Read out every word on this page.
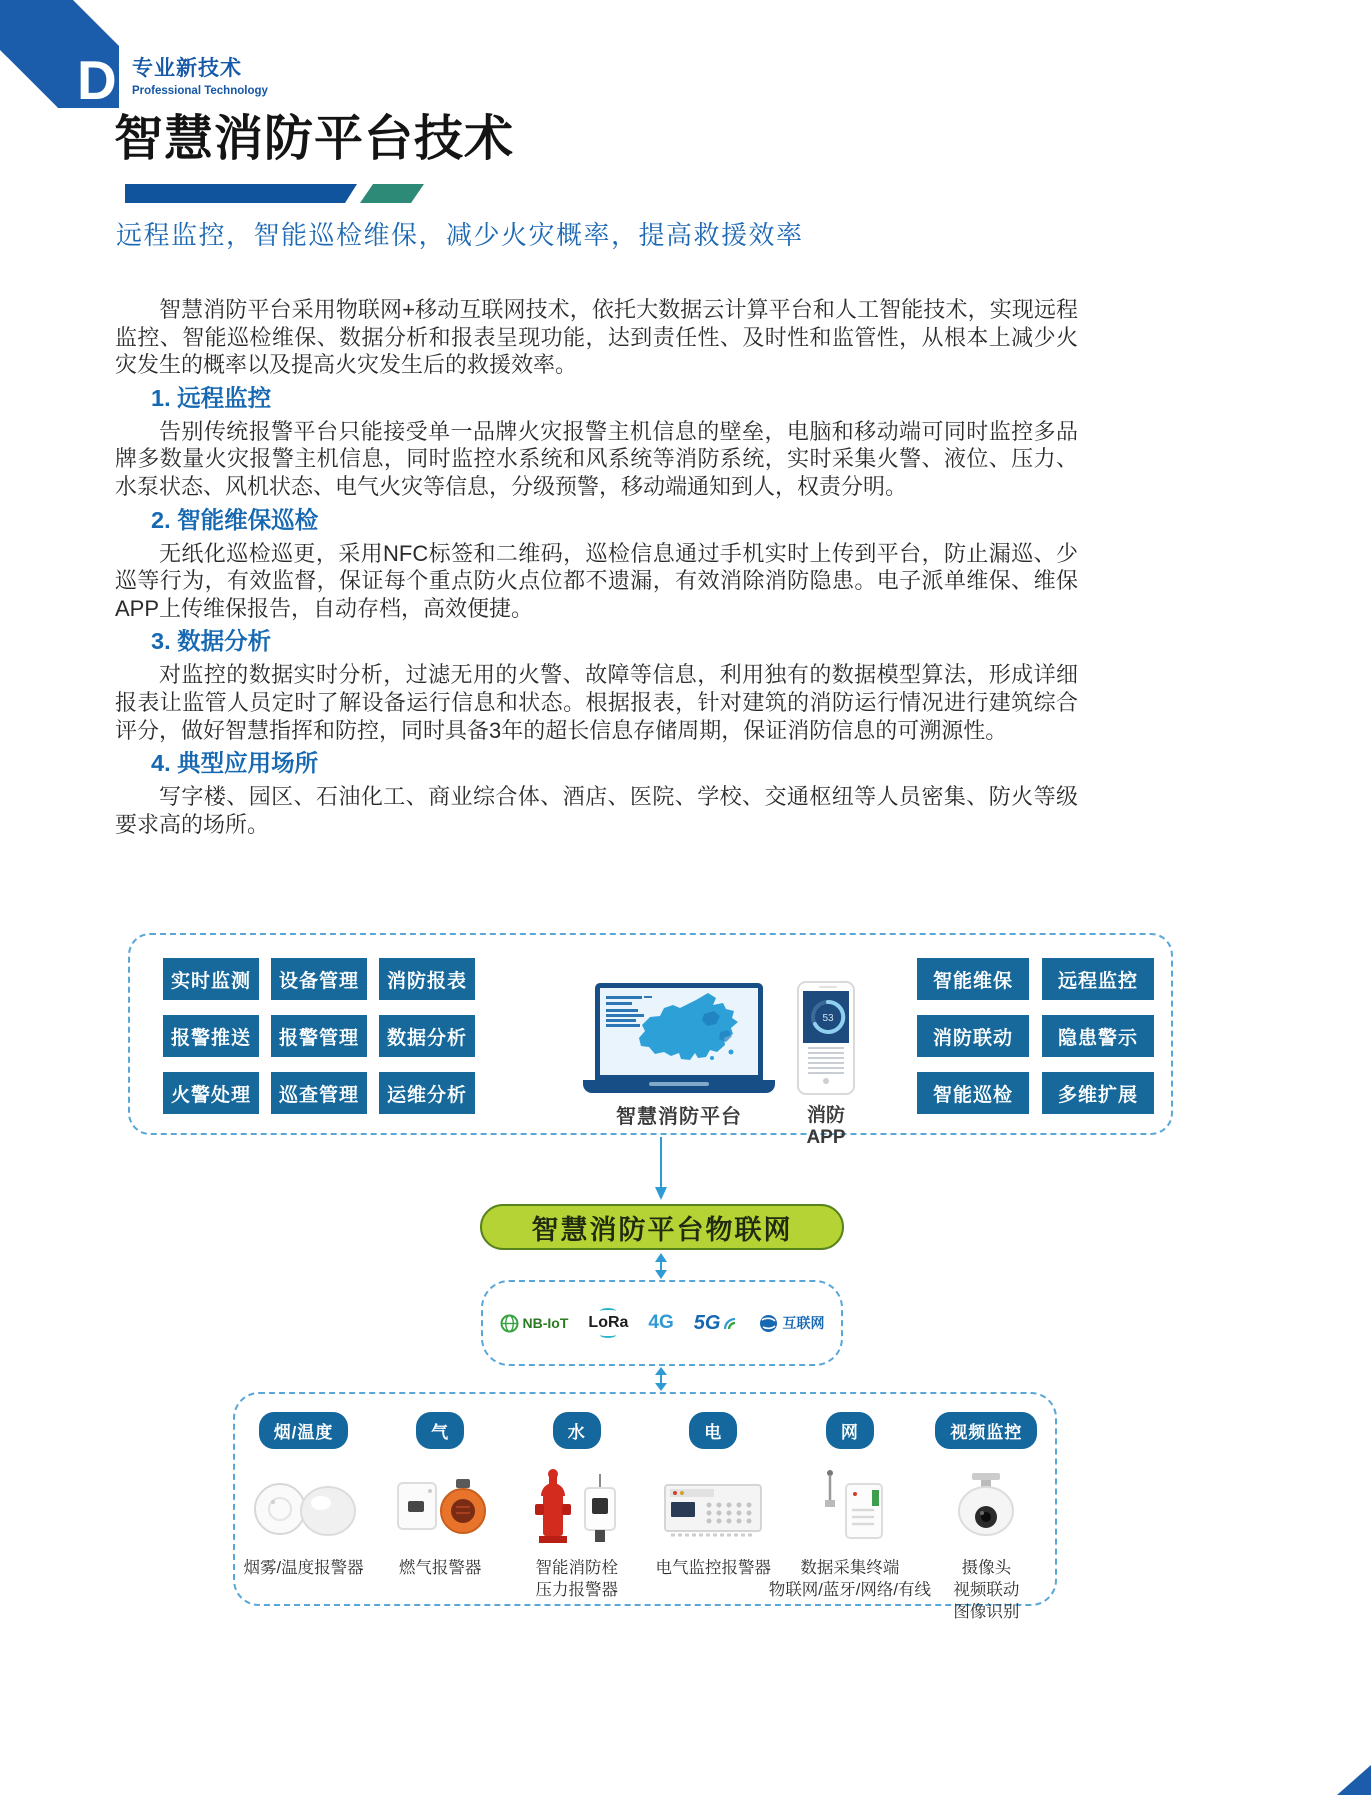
D 专业新技术
Professional Technology
智慧消防平台技术
远程监控，智能巡检维保，减少火灾概率，提高救援效率

智慧消防平台采用物联网+移动互联网技术，依托大数据云计算平台和人工智能技术，实现远程监控、智能巡检维保、数据分析和报表呈现功能，达到责任性、及时性和监管性，从根本上减少火灾发生的概率以及提高火灾发生后的救援效率。

1. 远程监控

告别传统报警平台只能接受单一品牌火灾报警主机信息的壁垒，电脑和移动端可同时监控多品牌多数量火灾报警主机信息，同时监控水系统和风系统等消防系统，实时采集火警、液位、压力、水泵状态、风机状态、电气火灾等信息，分级预警，移动端通知到人，权责分明。

2. 智能维保巡检

无纸化巡检巡更，采用NFC标签和二维码，巡检信息通过手机实时上传到平台，防止漏巡、少巡等行为，有效监督，保证每个重点防火点位都不遗漏，有效消除消防隐患。电子派单维保、维保APP上传维保报告，自动存档，高效便捷。

3. 数据分析

对监控的数据实时分析，过滤无用的火警、故障等信息，利用独有的数据模型算法，形成详细报表让监管人员定时了解设备运行信息和状态。根据报表，针对建筑的消防运行情况进行建筑综合评分，做好智慧指挥和防控，同时具备3年的超长信息存储周期，保证消防信息的可溯源性。

4. 典型应用场所

写字楼、园区、石油化工、商业综合体、酒店、医院、学校、交通枢纽等人员密集、防火等级要求高的场所。

实时监测	设备管理	消防报表
报警推送	报警管理	数据分析
火警处理	巡查管理	运维分析
智能维保	远程监控
消防联动	隐患警示
智能巡检	多维扩展
智慧消防平台
53
消防APP
智慧消防平台物联网
NB-IoT LoRa 4G 5G	互联网
烟/温度
烟雾/温度报警器
气
燃气报警器
水
智能消防栓
压力报警器
电
电气监控报警器
网
数据采集终端
物联网/蓝牙/网络/有线
视频监控
摄像头
视频联动
图像识别
